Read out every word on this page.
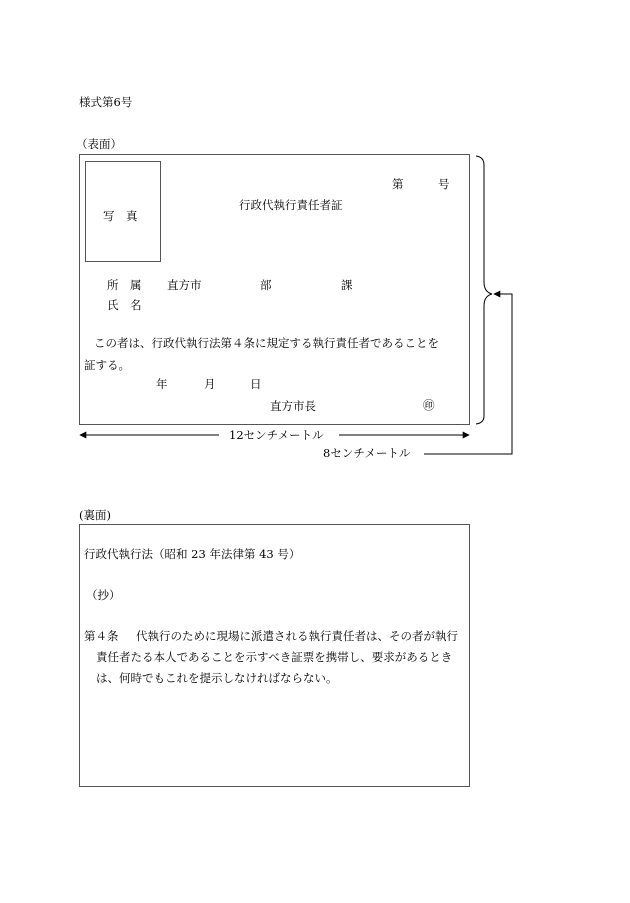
様式第6号
（表面）
写　真
第	号
行政代執行責任者証
所　属 直方市	部	課
氏　名
この者は、行政代執行法第４条に規定する執行責任者であることを
証する。
年	月	日
直方市長	㊞
12センチメートル
8センチメートル
(裏面)
行政代執行法（昭和 23 年法律第 43 号）
（抄）
第４条 代執行のために現場に派遣される執行責任者は、その者が執行
責任者たる本人であることを示すべき証票を携帯し、要求があるとき
は、何時でもこれを提示しなければならない。
